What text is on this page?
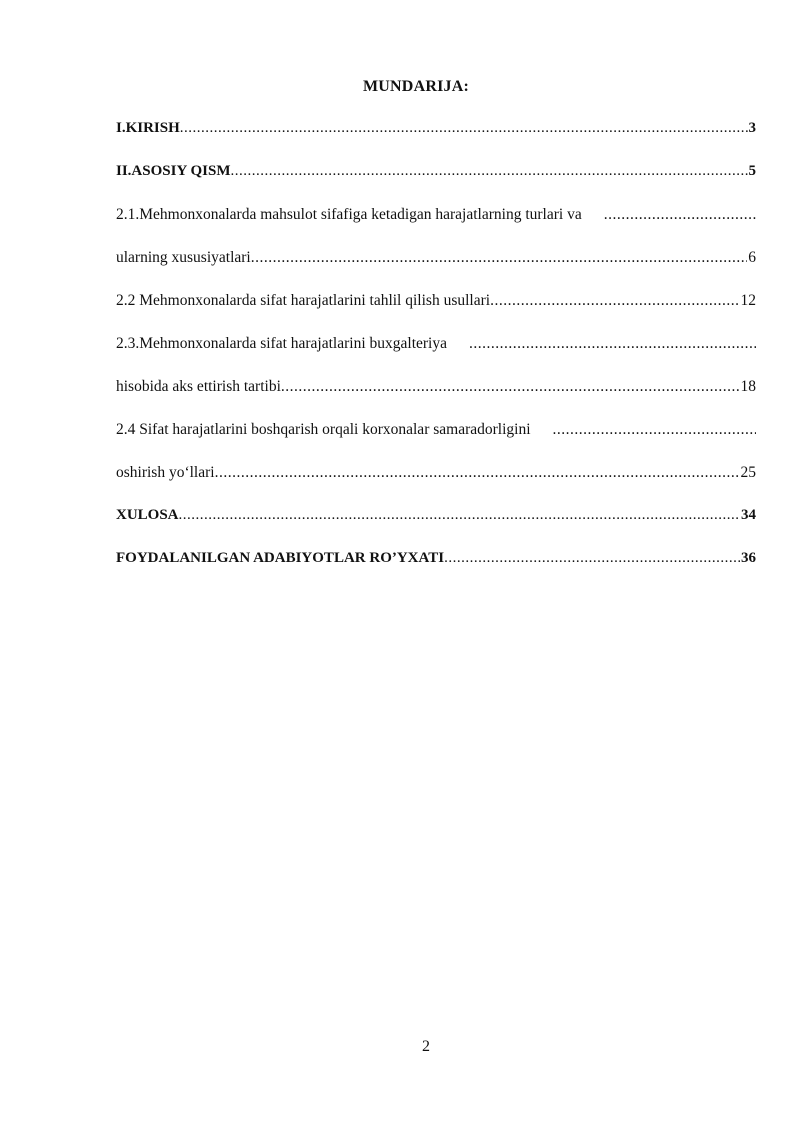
MUNDARIJA:
I.KIRISH .....	3
II.ASOSIY QISM .....	5
2.1.Mehmonxonalarda mahsulot sifafiga ketadigan harajatlarning turlari va
.....
ularning xususiyatlari .....	6
2.2 Mehmonxonalarda sifat harajatlarini tahlil qilish usullari .....	12
2.3.Mehmonxonalarda sifat harajatlarini buxgalteriya
.....
hisobida aks ettirish tartibi .....	18
2.4 Sifat harajatlarini boshqarish orqali korxonalar samaradorligini
.....
oshirish yo‘llari .....	25
XULOSA .....	34
FOYDALANILGAN ADABIYOTLAR RO’YXATI .....	36
2
